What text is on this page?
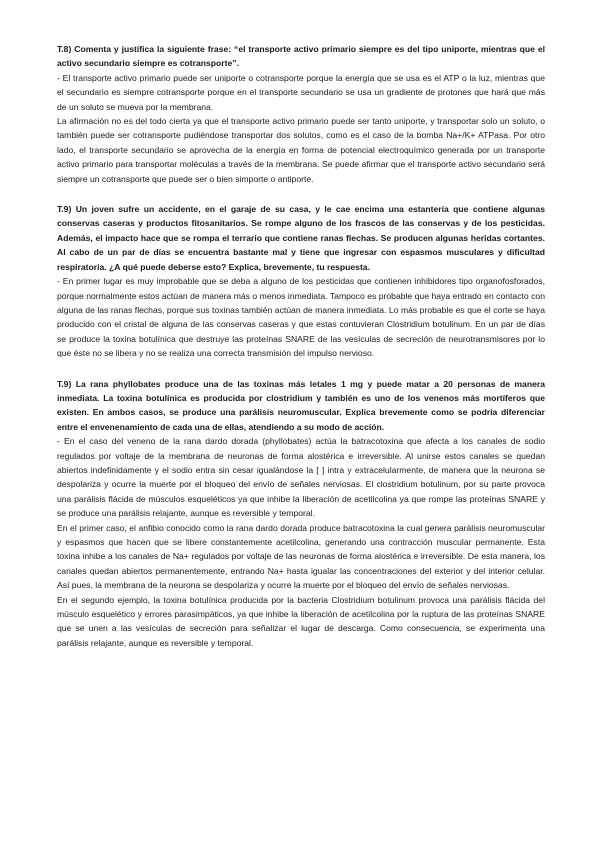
T.8) Comenta y justifica la siguiente frase: “el transporte activo primario siempre es del tipo uniporte, mientras que el activo secundario siempre es cotransporte”.

- El transporte activo primario puede ser uniporte o cotransporte porque la energía que se usa es el ATP o la luz, mientras que el secundario es siempre cotransporte porque en el transporte secundario se usa un gradiente de protones que hará que más de un soluto se mueva por la membrana.

La afirmación no es del todo cierta ya que el transporte activo primario puede ser tanto uniporte, y transportar solo un soluto, o también puede ser cotransporte pudiéndose transportar dos solutos, como es el caso de la bomba Na+/K+ ATPasa. Por otro lado, el transporte secundario se aprovecha de la energía en forma de potencial electroquímico generada por un transporte activo primario para transportar moléculas a través de la membrana. Se puede afirmar que el transporte activo secundario será siempre un cotransporte que puede ser o bien simporte o antiporte.

T.9) Un joven sufre un accidente, en el garaje de su casa, y le cae encima una estantería que contiene algunas conservas caseras y productos fitosanitarios. Se rompe alguno de los frascos de las conservas y de los pesticidas. Además, el impacto hace que se rompa el terrario que contiene ranas flechas. Se producen algunas heridas cortantes. Al cabo de un par de días se encuentra bastante mal y tiene que ingresar con espasmos musculares y dificultad respiratoria. ¿A qué puede deberse esto? Explica, brevemente, tu respuesta.

- En primer lugar es muy improbable que se deba a alguno de los pesticidas que contienen inhibidores tipo organofosforados, porque normalmente estos actúan de manera más o menos inmediata. Tampoco es probable que haya entrado en contacto con alguna de las ranas flechas, porque sus toxinas también actúan de manera inmediata. Lo más probable es que el corte se haya producido con el cristal de alguna de las conservas caseras y que estas contuvieran Clostridium botulinum. En un par de días se produce la toxina botulínica que destruye las proteínas SNARE de las vesículas de secreción de neurotransmisores por lo que éste no se libera y no se realiza una correcta transmisión del impulso nervioso.

T.9) La rana phyllobates produce una de las toxinas más letales 1 mg y puede matar a 20 personas de manera inmediata. La toxina botulínica es producida por clostridium y también es uno de los venenos más mortíferos que existen. En ambos casos, se produce una parálisis neuromuscular. Explica brevemente como se podría diferenciar entre el envenenamiento de cada una de ellas, atendiendo a su modo de acción.

- En el caso del veneno de la rana dardo dorada (phyllobates) actúa la batracotoxina que afecta a los canales de sodio regulados por voltaje de la membrana de neuronas de forma alostérica e irreversible. Al unirse estos canales se quedan abiertos indefinidamente y el sodio entra sin cesar igualándose la [ ] intra y extracelularmente, de manera que la neurona se despolariza y ocurre la muerte por el bloqueo del envío de señales nerviosas. El clostridium botulinum, por su parte provoca una parálisis flácida de músculos esqueléticos ya que inhibe la liberación de acetilcolina ya que rompe las proteínas SNARE y se produce una parálisis relajante, aunque es reversible y temporal.

En el primer caso, el anfibio conocido como la rana dardo dorada produce batracotoxina la cual genera parálisis neuromuscular y espasmos que hacen que se libere constantemente acetilcolina, generando una contracción muscular permanente. Esta toxina inhibe a los canales de Na+ regulados por voltaje de las neuronas de forma alostérica e irreversible. De esta manera, los canales quedan abiertos permanentemente, entrando Na+ hasta igualar las concentraciones del exterior y del interior celular. Así pues, la membrana de la neurona se despolariza y ocurre la muerte por el bloqueo del envío de señales nerviosas.

En el segundo ejemplo, la toxina botulínica producida por la bacteria Clostridium botulinum provoca una parálisis flácida del músculo esquelético y errores parasimpáticos, ya que inhibe la liberación de acetilcolina por la ruptura de las proteínas SNARE que se unen a las vesículas de secreción para señalizar el lugar de descarga. Como consecuencia, se experimenta una parálisis relajante, aunque es reversible y temporal.
